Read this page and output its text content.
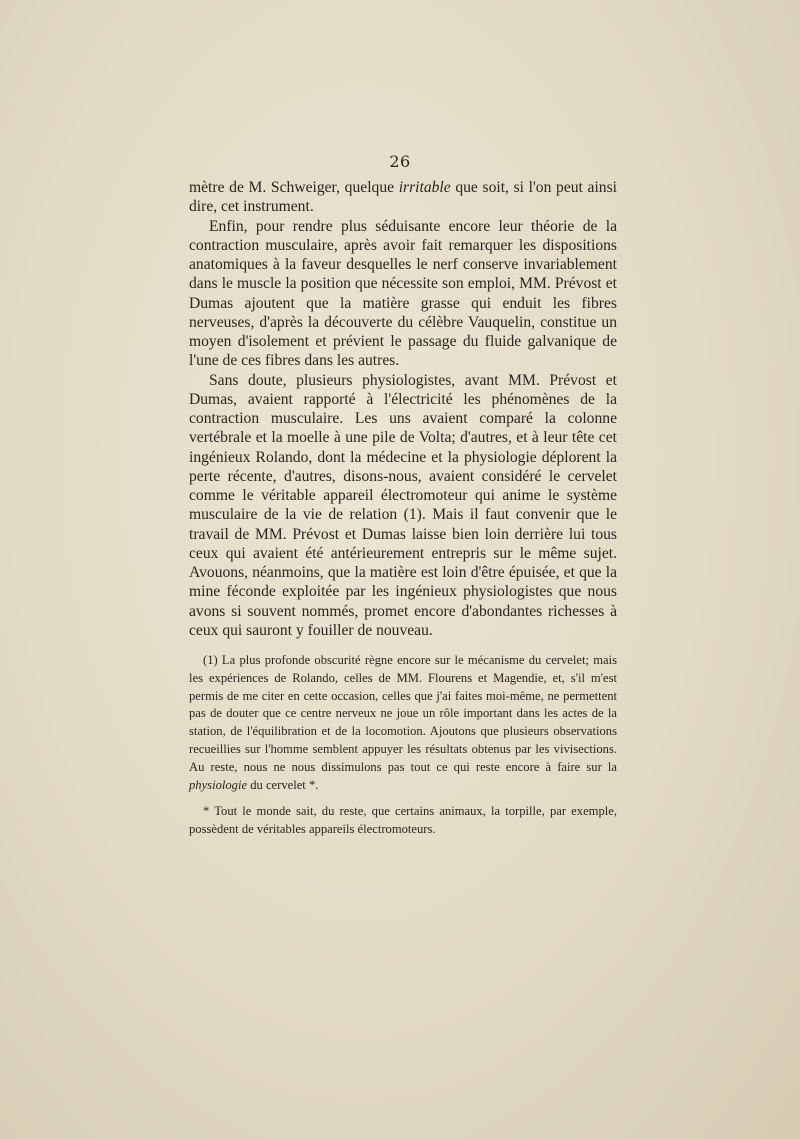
26

mètre de M. Schweiger, quelque irritable que soit, si l'on peut ainsi dire, cet instrument.

Enfin, pour rendre plus séduisante encore leur théorie de la contraction musculaire, après avoir fait remarquer les dispositions anatomiques à la faveur desquelles le nerf conserve invariablement dans le muscle la position que nécessite son emploi, MM. Prévost et Dumas ajoutent que la matière grasse qui enduit les fibres nerveuses, d'après la découverte du célèbre Vauquelin, constitue un moyen d'isolement et prévient le passage du fluide galvanique de l'une de ces fibres dans les autres.

Sans doute, plusieurs physiologistes, avant MM. Prévost et Dumas, avaient rapporté à l'électricité les phénomènes de la contraction musculaire. Les uns avaient comparé la colonne vertébrale et la moelle à une pile de Volta; d'autres, et à leur tête cet ingénieux Rolando, dont la médecine et la physiologie déplorent la perte récente, d'autres, disons-nous, avaient considéré le cervelet comme le véritable appareil électromoteur qui anime le système musculaire de la vie de relation (1). Mais il faut convenir que le travail de MM. Prévost et Dumas laisse bien loin derrière lui tous ceux qui avaient été antérieurement entrepris sur le même sujet. Avouons, néanmoins, que la matière est loin d'être épuisée, et que la mine féconde exploitée par les ingénieux physiologistes que nous avons si souvent nommés, promet encore d'abondantes richesses à ceux qui sauront y fouiller de nouveau.

(1) La plus profonde obscurité règne encore sur le mécanisme du cervelet; mais les expériences de Rolando, celles de MM. Flourens et Magendie, et, s'il m'est permis de me citer en cette occasion, celles que j'ai faites moi-même, ne permettent pas de douter que ce centre nerveux ne joue un rôle important dans les actes de la station, de l'équilibration et de la locomotion. Ajoutons que plusieurs observations recueillies sur l'homme semblent appuyer les résultats obtenus par les vivisections. Au reste, nous ne nous dissimulons pas tout ce qui reste encore à faire sur la physiologie du cervelet *.

* Tout le monde sait, du reste, que certains animaux, la torpille, par exemple, possèdent de véritables appareils électromoteurs.
